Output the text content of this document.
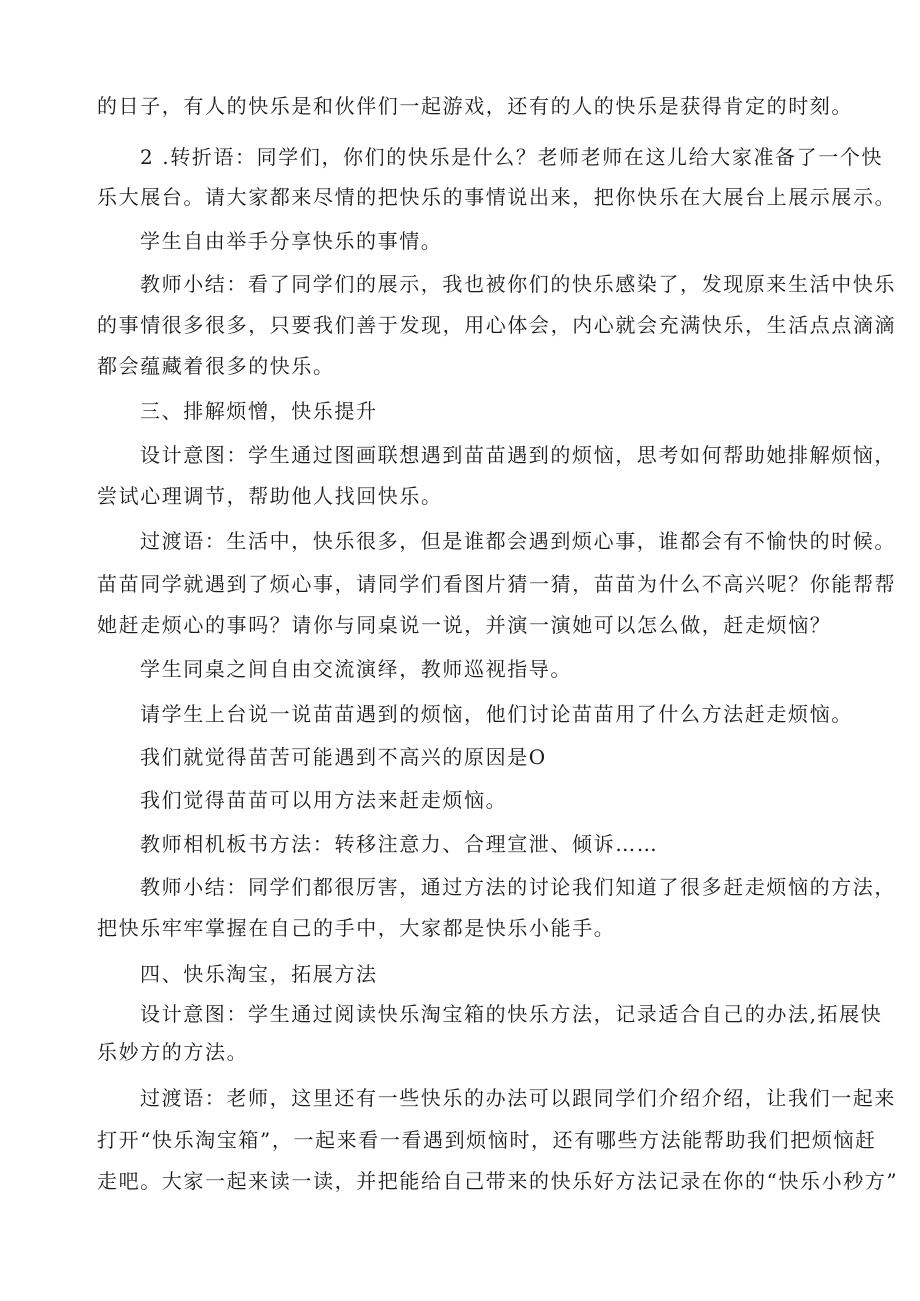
的日子，有人的快乐是和伙伴们一起游戏，还有的人的快乐是获得肯定的时刻。
2 .转折语：同学们，你们的快乐是什么？老师老师在这儿给大家准备了一个快
乐大展台。请大家都来尽情的把快乐的事情说出来，把你快乐在大展台上展示展示。
学生自由举手分享快乐的事情。
教师小结：看了同学们的展示，我也被你们的快乐感染了，发现原来生活中快乐
的事情很多很多，只要我们善于发现，用心体会，内心就会充满快乐，生活点点滴滴
都会蕴藏着很多的快乐。
三、排解烦憎，快乐提升
设计意图：学生通过图画联想遇到苗苗遇到的烦恼，思考如何帮助她排解烦恼，
尝试心理调节，帮助他人找回快乐。
过渡语：生活中，快乐很多，但是谁都会遇到烦心事，谁都会有不愉快的时候。
苗苗同学就遇到了烦心事，请同学们看图片猜一猜，苗苗为什么不高兴呢？你能帮帮
她赶走烦心的事吗？请你与同桌说一说，并演一演她可以怎么做，赶走烦恼？
学生同桌之间自由交流演绎，教师巡视指导。
请学生上台说一说苗苗遇到的烦恼，他们讨论苗苗用了什么方法赶走烦恼。
我们就觉得苗苦可能遇到不高兴的原因是O
我们觉得苗苗可以用方法来赶走烦恼。
教师相机板书方法：转移注意力、合理宣泄、倾诉……
教师小结：同学们都很厉害，通过方法的讨论我们知道了很多赶走烦恼的方法，
把快乐牢牢掌握在自己的手中，大家都是快乐小能手。
四、快乐淘宝，拓展方法
设计意图：学生通过阅读快乐淘宝箱的快乐方法，记录适合自己的办法,拓展快
乐妙方的方法。
过渡语：老师，这里还有一些快乐的办法可以跟同学们介绍介绍，让我们一起来
打开“快乐淘宝箱”，一起来看一看遇到烦恼时，还有哪些方法能帮助我们把烦恼赶
走吧。大家一起来读一读，并把能给自己带来的快乐好方法记录在你的“快乐小秒方”
